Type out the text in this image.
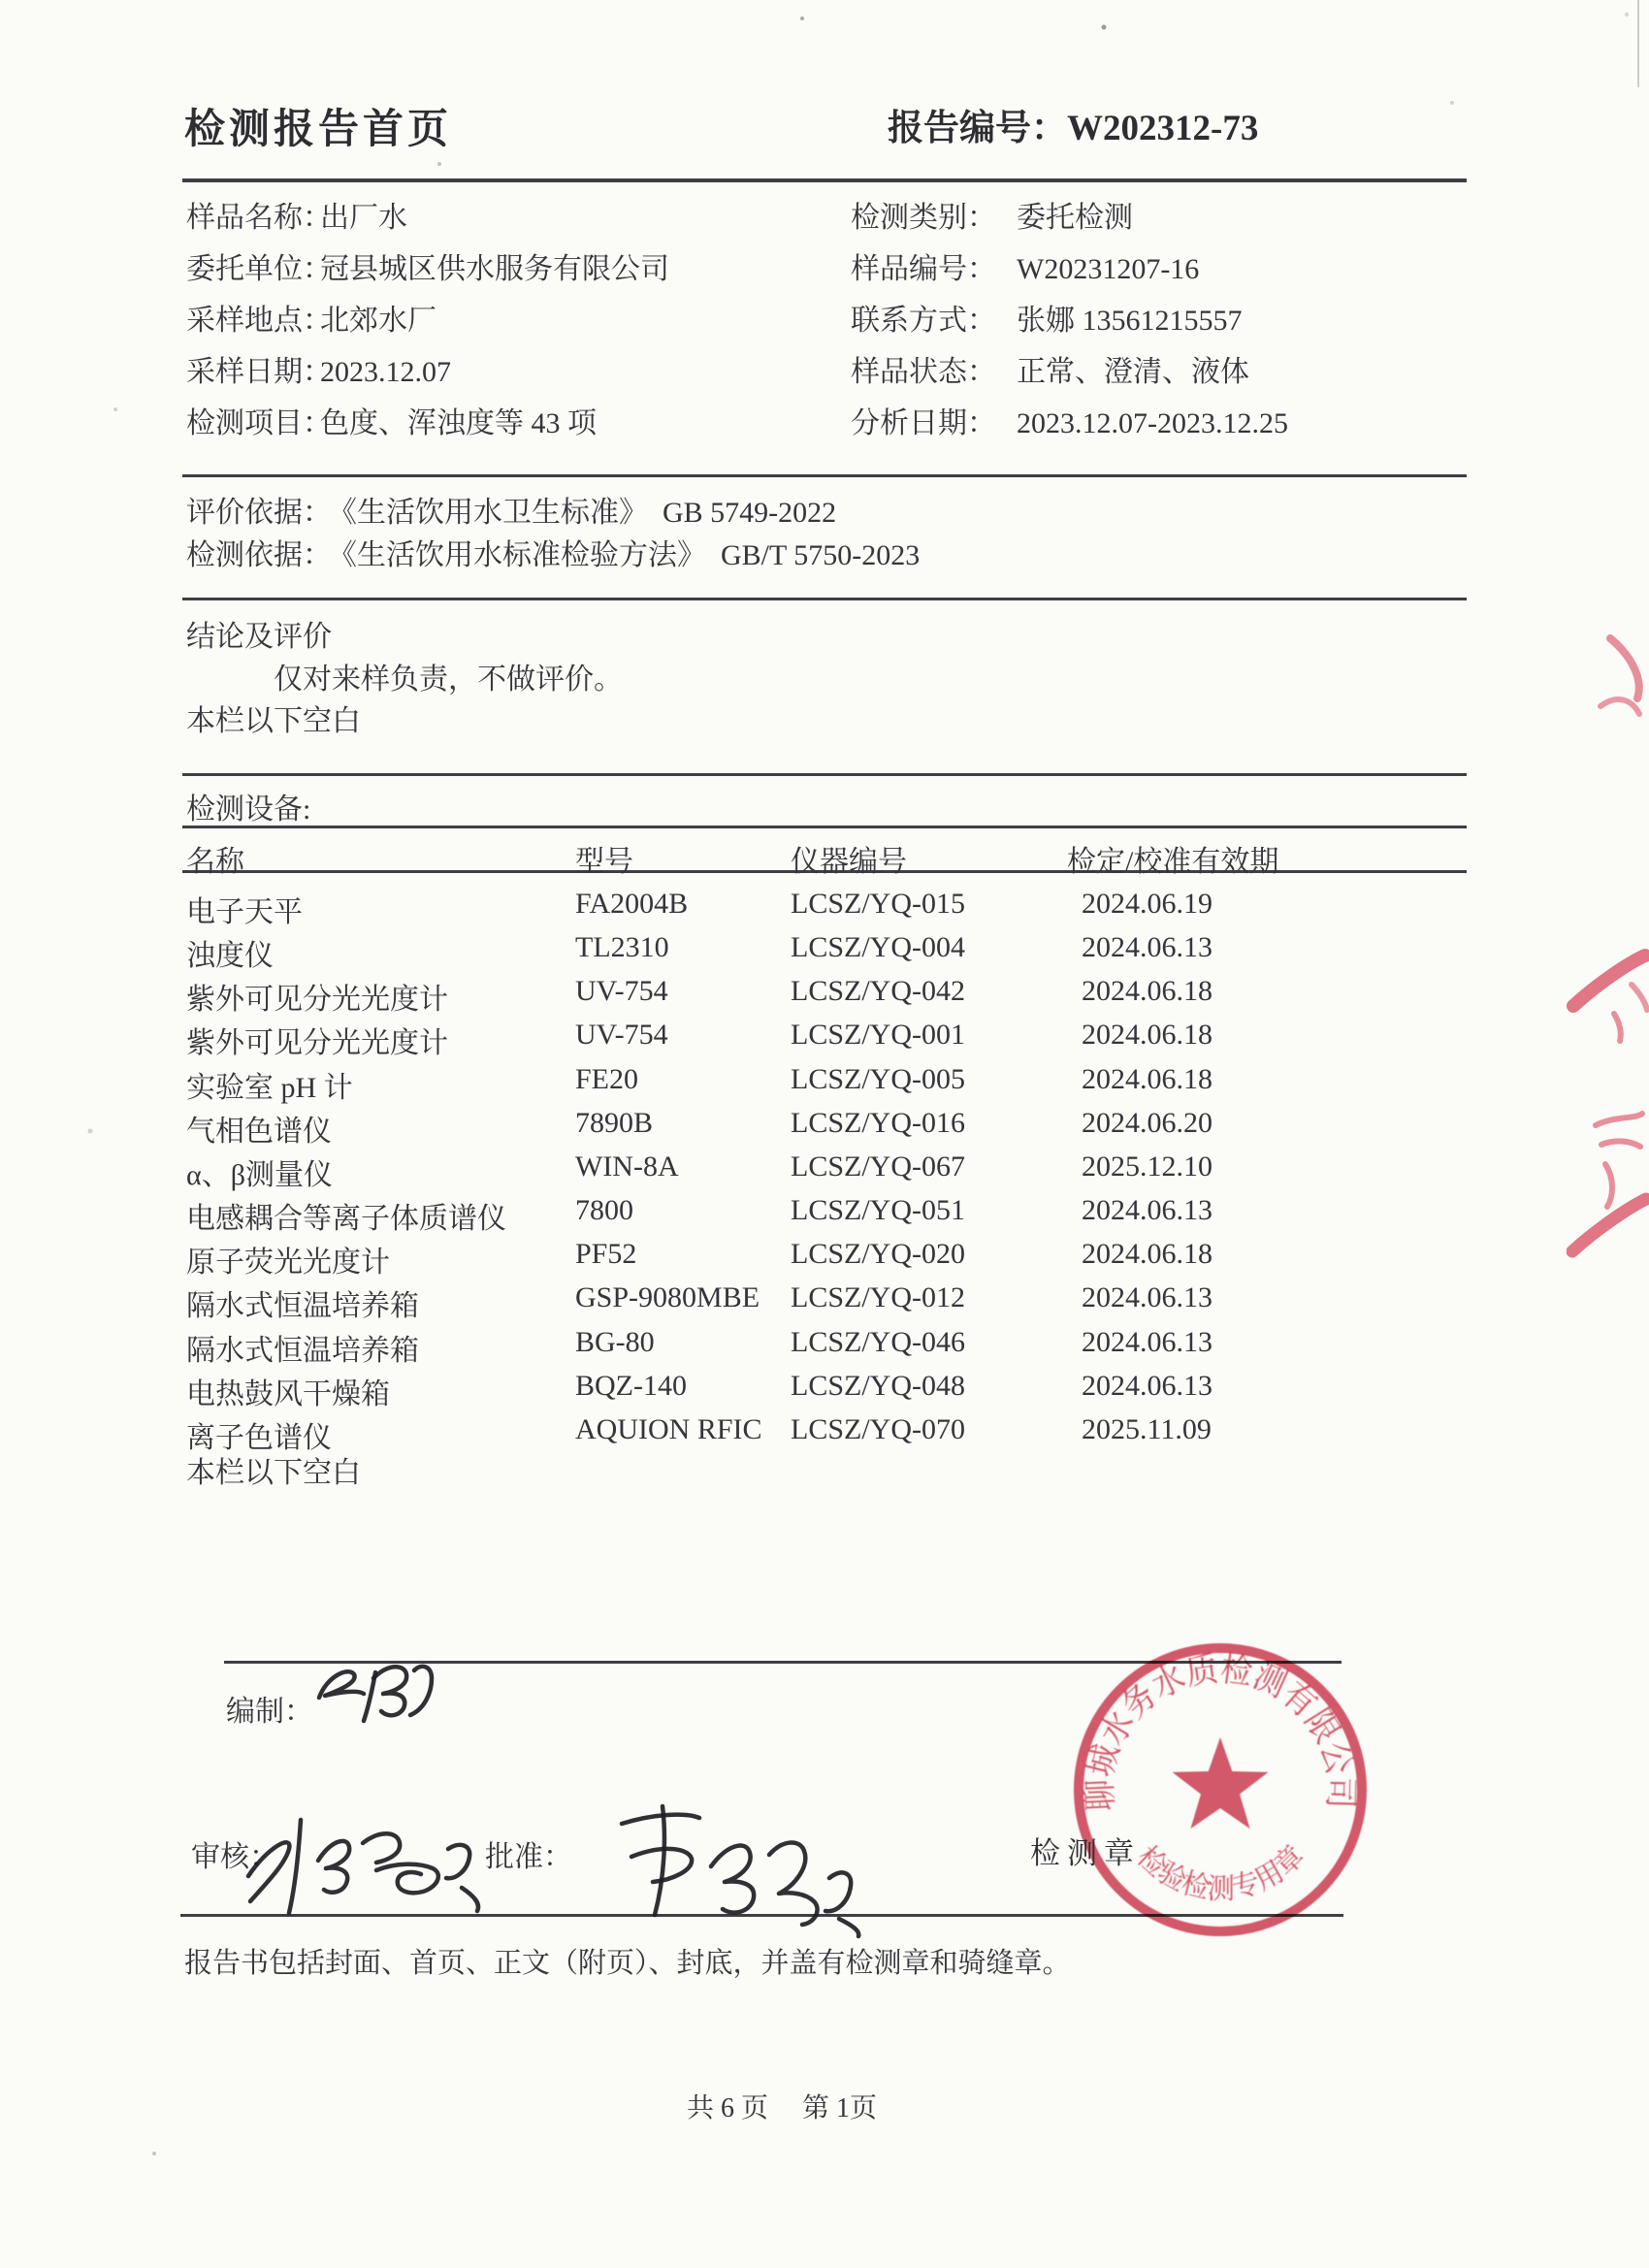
检测报告首页	报告编号：W202312-73
样品名称：
出厂水
委托单位：
冠县城区供水服务有限公司
采样地点：
北郊水厂
采样日期：
2023.12.07
检测项目：
色度、浑浊度等 43 项
检测类别： 委托检测
样品编号： W20231207-16
联系方式： 张娜 13561215557
样品状态： 正常、澄清、液体
分析日期： 2023.12.07-2023.12.25
评价依据：
《生活饮用水卫生标准》  GB 5749-2022
检测依据：
《生活饮用水标准检验方法》  GB/T 5750-2023
结论及评价
仅对来样负责，不做评价。
本栏以下空白
检测设备:
名称	型号	仪器编号	检定/校准有效期
电子天平	FA2004B	LCSZ/YQ-015	2024.06.19
浊度仪	TL2310	LCSZ/YQ-004	2024.06.13
紫外可见分光光度计	UV-754	LCSZ/YQ-042	2024.06.18
紫外可见分光光度计	UV-754	LCSZ/YQ-001	2024.06.18
实验室 pH 计	FE20	LCSZ/YQ-005	2024.06.18
气相色谱仪	7890B	LCSZ/YQ-016	2024.06.20
α、β测量仪	WIN-8A	LCSZ/YQ-067	2025.12.10
电感耦合等离子体质谱仪 7800	LCSZ/YQ-051	2024.06.13
原子荧光光度计	PF52	LCSZ/YQ-020	2024.06.18
隔水式恒温培养箱	GSP-9080MBE LCSZ/YQ-012	2024.06.13
隔水式恒温培养箱	BG-80	LCSZ/YQ-046	2024.06.13
电热鼓风干燥箱	BQZ-140	LCSZ/YQ-048	2024.06.13
离子色谱仪	AQUION RFIC LCSZ/YQ-070	2025.11.09
本栏以下空白
编制：
审核：	批准：
聊城水务水质检测有限公司
检验检测专用章
检测章
报告书包括封面、首页、正文（附页）、封底，并盖有检测章和骑缝章。
共 6 页　 第 1页
